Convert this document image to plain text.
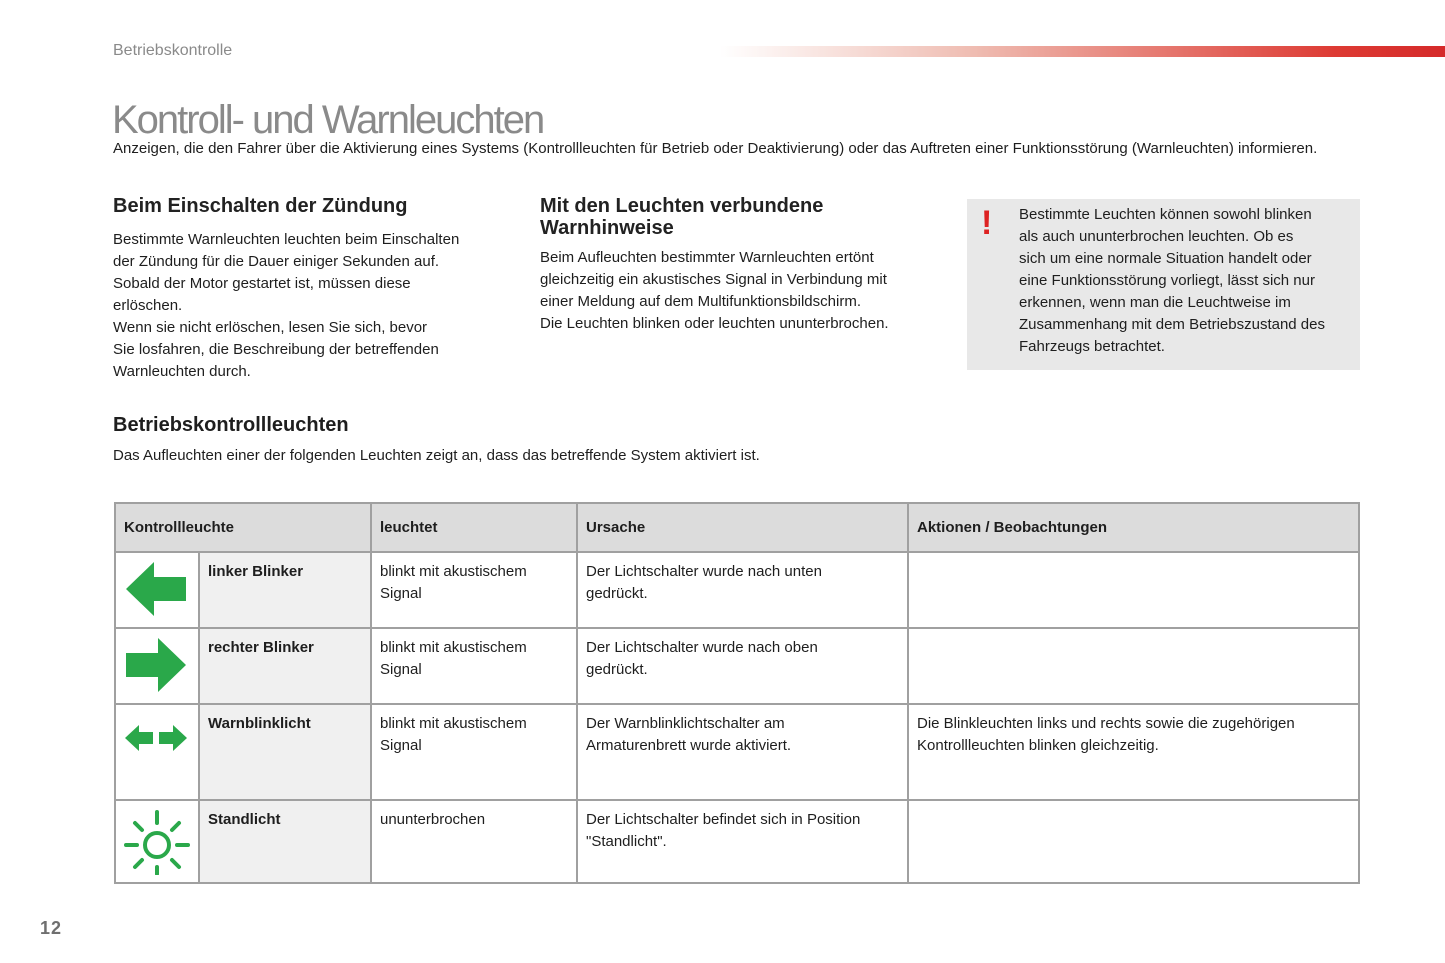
Betriebskontrolle
Kontroll- und Warnleuchten

Anzeigen, die den Fahrer über die Aktivierung eines Systems (Kontrollleuchten für Betrieb oder Deaktivierung) oder das Auftreten einer Funktionsstörung (Warnleuchten) informieren.

Beim Einschalten der Zündung

Bestimmte Warnleuchten leuchten beim Einschalten
der Zündung für die Dauer einiger Sekunden auf.
Sobald der Motor gestartet ist, müssen diese
erlöschen.
Wenn sie nicht erlöschen, lesen Sie sich, bevor
Sie losfahren, die Beschreibung der betreffenden
Warnleuchten durch.

Mit den Leuchten verbundene
Warnhinweise

Beim Aufleuchten bestimmter Warnleuchten ertönt
gleichzeitig ein akustisches Signal in Verbindung mit
einer Meldung auf dem Multifunktionsbildschirm.
Die Leuchten blinken oder leuchten ununterbrochen.

! Bestimmte Leuchten können sowohl blinken
als auch ununterbrochen leuchten. Ob es
sich um eine normale Situation handelt oder
eine Funktionsstörung vorliegt, lässt sich nur
erkennen, wenn man die Leuchtweise im
Zusammenhang mit dem Betriebszustand des
Fahrzeugs betrachtet.
Betriebskontrollleuchten

Das Aufleuchten einer der folgenden Leuchten zeigt an, dass das betreffende System aktiviert ist.

Kontrollleuchte		leuchtet	Ursache	Aktionen / Beobachtungen
	linker Blinker	blinkt mit akustischem
Signal	Der Lichtschalter wurde nach unten
gedrückt.	
	rechter Blinker	blinkt mit akustischem
Signal	Der Lichtschalter wurde nach oben
gedrückt.	
	Warnblinklicht	blinkt mit akustischem
Signal	Der Warnblinklichtschalter am
Armaturenbrett wurde aktiviert.	Die Blinkleuchten links und rechts sowie die zugehörigen
Kontrollleuchten blinken gleichzeitig.
	Standlicht	ununterbrochen	Der Lichtschalter befindet sich in Position
"Standlicht".	
12
